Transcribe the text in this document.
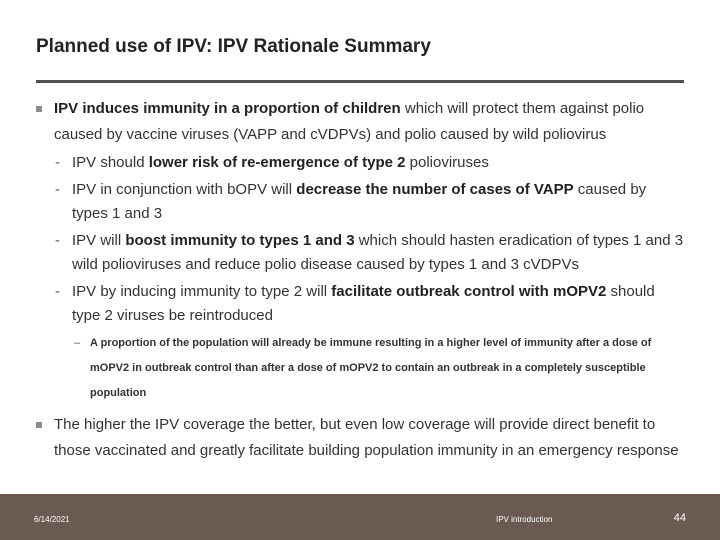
Planned use of IPV: IPV Rationale Summary

IPV induces immunity in a proportion of children which will protect them against polio caused by vaccine viruses (VAPP and cVDPVs) and polio caused by wild poliovirus

- IPV should lower risk of re-emergence of type 2 polioviruses

- IPV in conjunction with bOPV will decrease the number of cases of VAPP caused by types 1 and 3

- IPV will boost immunity to types 1 and 3 which should hasten eradication of types 1 and 3 wild polioviruses and reduce polio disease caused by types 1 and 3 cVDPVs

- IPV by inducing immunity to type 2 will facilitate outbreak control with mOPV2 should type 2 viruses be reintroduced

– A proportion of the population will already be immune resulting in a higher level of immunity after a dose of mOPV2 in outbreak control than after a dose of mOPV2 to contain an outbreak in a completely susceptible population

The higher the IPV coverage the better, but even low coverage will provide direct benefit to those vaccinated and greatly facilitate building population immunity in an emergency response

6/14/2021	IPV introduction	44
